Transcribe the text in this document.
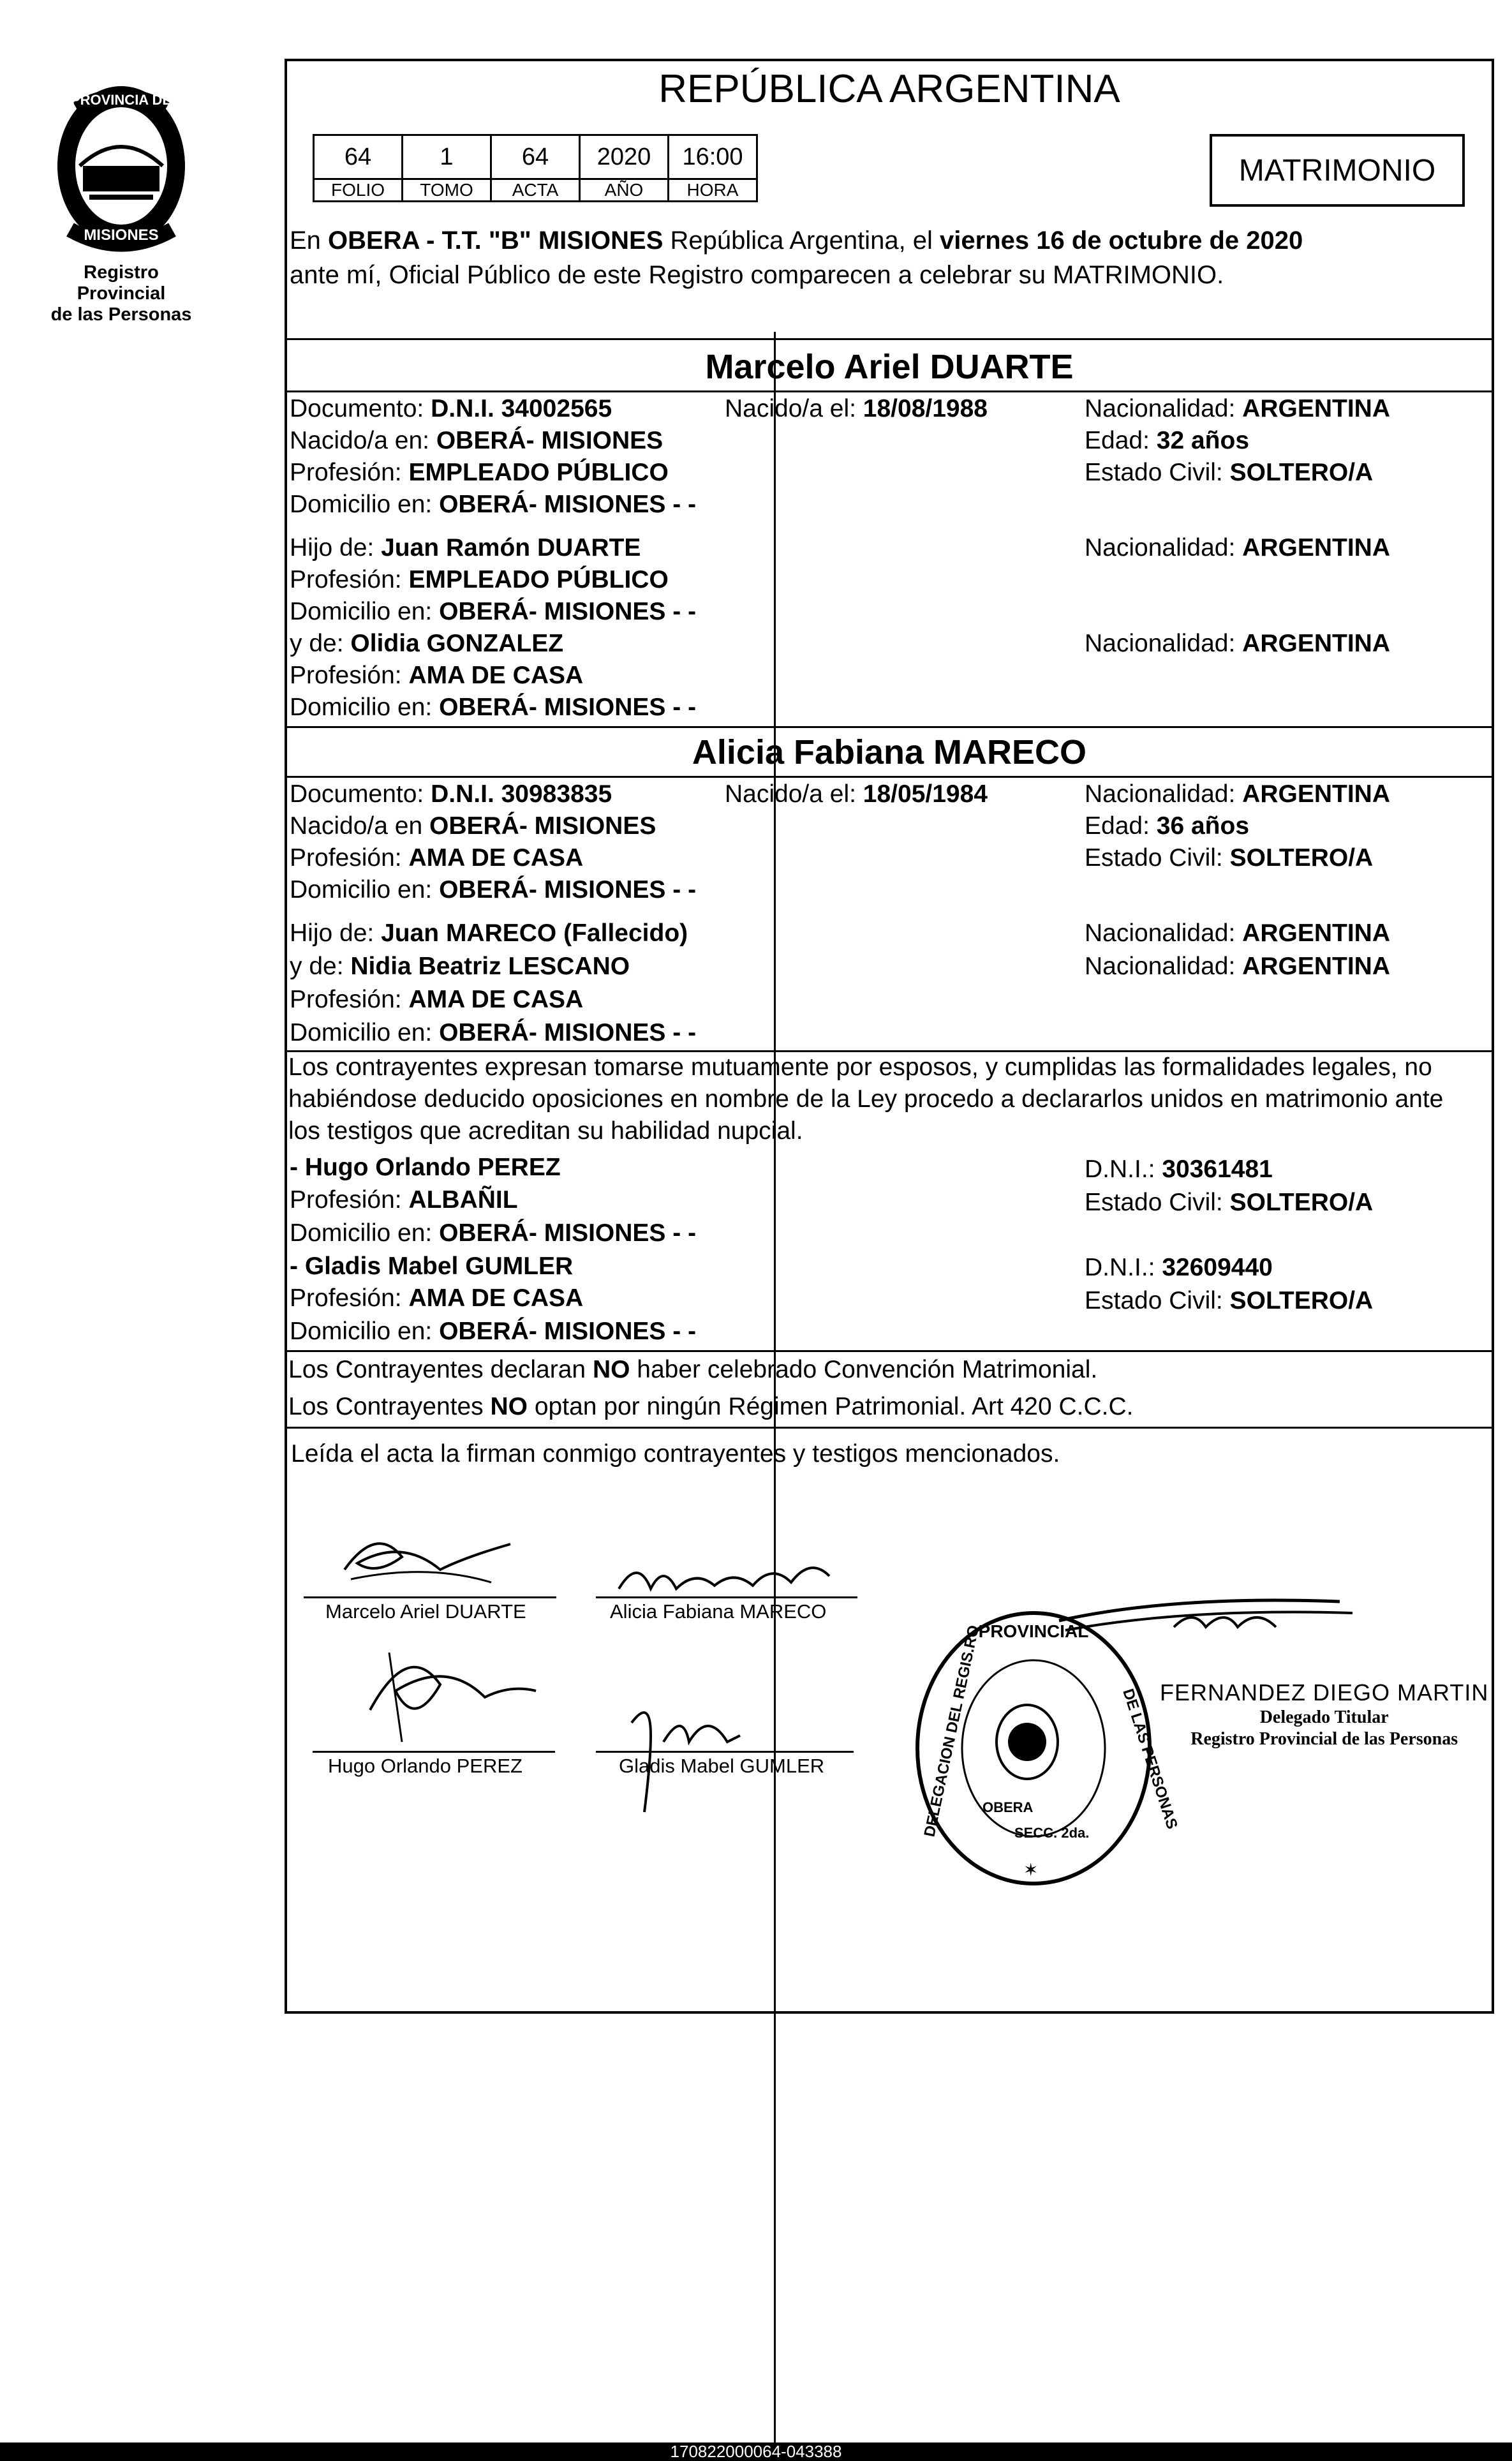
PROVINCIA DE
MISIONES
Registro Provincial
de las Personas
REPÚBLICA ARGENTINA
64	1	64	2020	16:00
FOLIO	TOMO	ACTA	AÑO	HORA
MATRIMONIO
En OBERA - T.T. "B" MISIONES República Argentina, el viernes 16 de octubre de 2020
ante mí, Oficial Público de este Registro comparecen a celebrar su MATRIMONIO.
Marcelo Ariel DUARTE
Documento: D.N.I. 34002565	Nacido/a el: 18/08/1988	Nacionalidad: ARGENTINA
Nacido/a en: OBERÁ- MISIONES	Edad: 32 años
Profesión: EMPLEADO PÚBLICO	Estado Civil: SOLTERO/A
Domicilio en: OBERÁ- MISIONES - -
Hijo de: Juan Ramón DUARTE	Nacionalidad: ARGENTINA
Profesión: EMPLEADO PÚBLICO
Domicilio en: OBERÁ- MISIONES - -
y de: Olidia GONZALEZ	Nacionalidad: ARGENTINA
Profesión: AMA DE CASA
Domicilio en: OBERÁ- MISIONES - -
Alicia Fabiana MARECO
Documento: D.N.I. 30983835	Nacido/a el: 18/05/1984	Nacionalidad: ARGENTINA
Nacido/a en OBERÁ- MISIONES	Edad: 36 años
Profesión: AMA DE CASA	Estado Civil: SOLTERO/A
Domicilio en: OBERÁ- MISIONES - -
Hijo de: Juan MARECO (Fallecido)	Nacionalidad: ARGENTINA
y de: Nidia Beatriz LESCANO	Nacionalidad: ARGENTINA
Profesión: AMA DE CASA
Domicilio en: OBERÁ- MISIONES - -
Los contrayentes expresan tomarse mutuamente por esposos, y cumplidas las formalidades legales, no
habiéndose deducido oposiciones en nombre de la Ley procedo a declararlos unidos en matrimonio ante
los testigos que acreditan su habilidad nupcial.
- Hugo Orlando PEREZ	D.N.I.: 30361481
Profesión: ALBAÑIL	Estado Civil: SOLTERO/A
Domicilio en: OBERÁ- MISIONES - -
- Gladis Mabel GUMLER	D.N.I.: 32609440
Profesión: AMA DE CASA	Estado Civil: SOLTERO/A
Domicilio en: OBERÁ- MISIONES - -
Los Contrayentes declaran NO haber celebrado Convención Matrimonial.
Los Contrayentes NO optan por ningún Régimen Patrimonial. Art 420 C.C.C.
Leída el acta la firman conmigo contrayentes y testigos mencionados.
Marcelo Ariel DUARTE	Alicia Fabiana MARECO
Hugo Orlando PEREZ	Gladis Mabel GUMLER
PROVINCIAL
DELEGACION DEL REGIS.RO	DE LAS PERSONAS
OBERA
SECC. 2da.
✶
FERNANDEZ DIEGO MARTIN
Delegado Titular
Registro Provincial de las Personas
170822000064-043388
